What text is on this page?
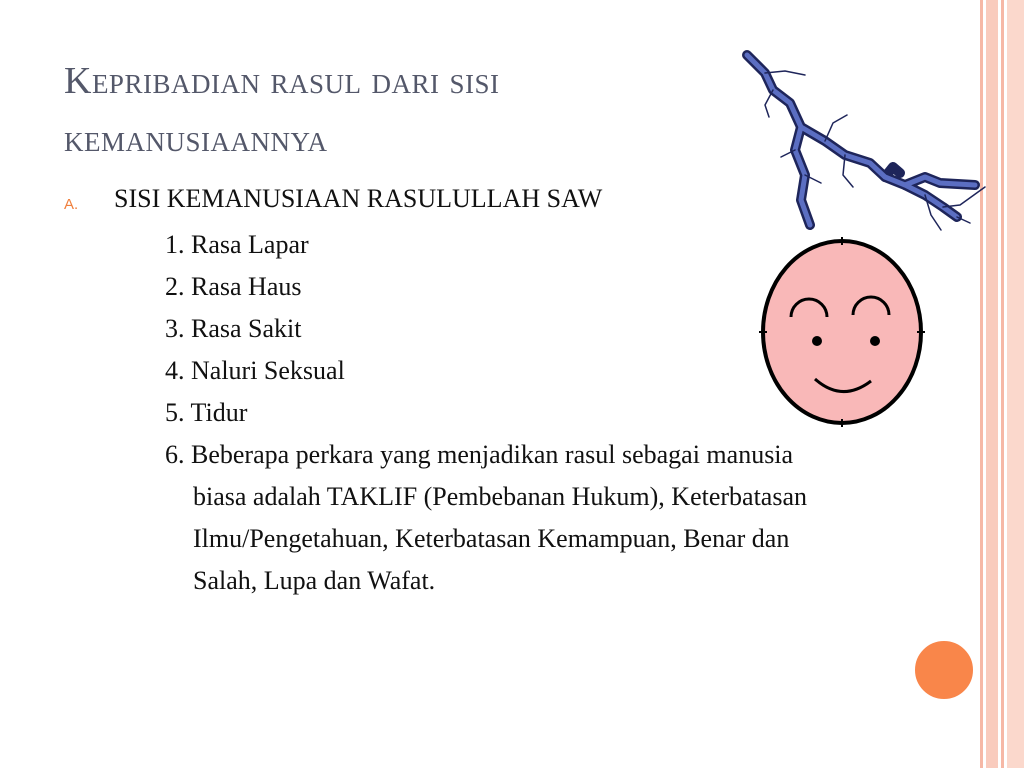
Kepribadian rasul dari sisi
kemanusiaannya
A. SISI KEMANUSIAAN RASULULLAH SAW
1. Rasa Lapar
2. Rasa Haus
3. Rasa Sakit
4. Naluri Seksual
5. Tidur
6. Beberapa perkara yang menjadikan rasul sebagai manusia biasa adalah TAKLIF (Pembebanan Hukum), Keterbatasan Ilmu/Pengetahuan, Keterbatasan Kemampuan, Benar dan Salah, Lupa dan Wafat.
